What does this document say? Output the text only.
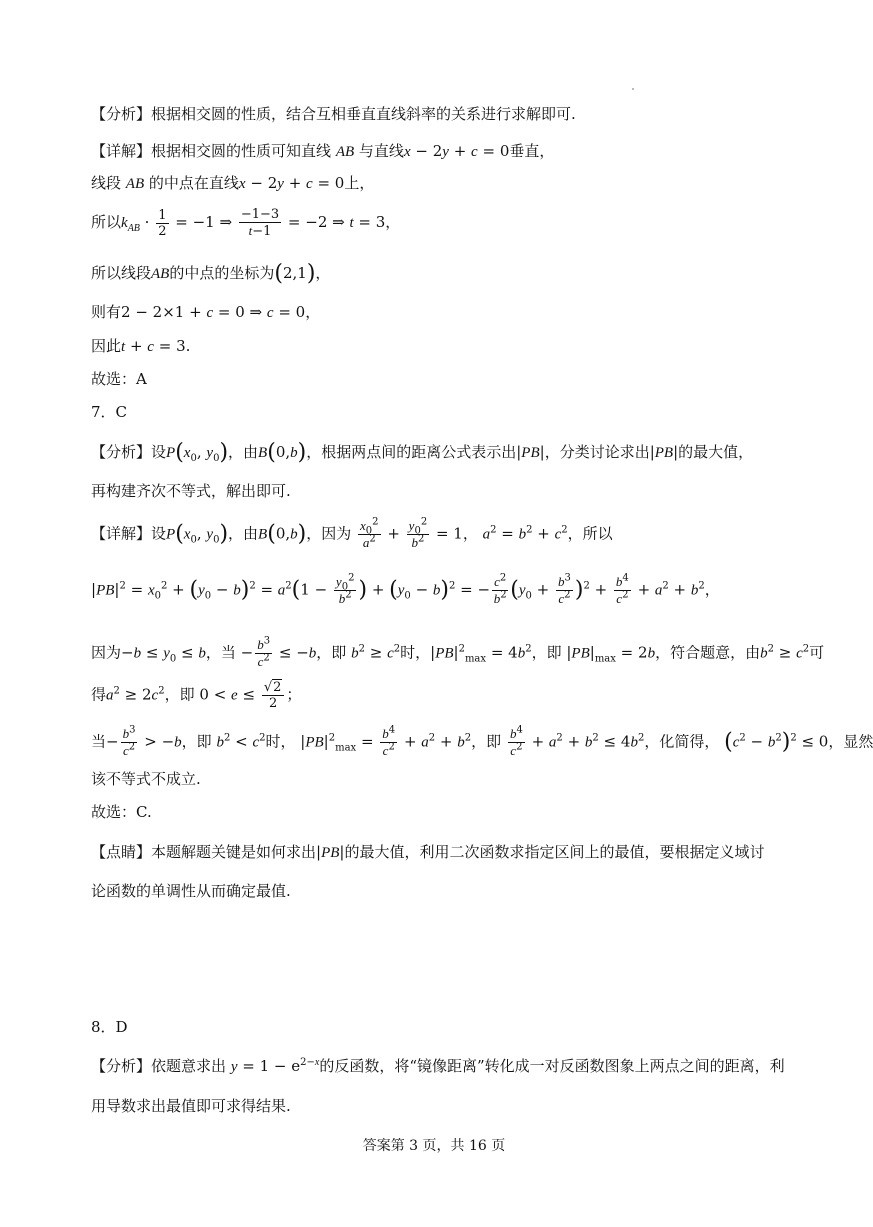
【分析】根据相交圆的性质，结合互相垂直直线斜率的关系进行求解即可.
【详解】根据相交圆的性质可知直线 AB 与直线x − 2y + c = 0垂直，
线段 AB 的中点在直线x − 2y + c = 0上，
所以$k_{AB} \cdot \frac{1}{2} = -1$ ⇒ $\frac{-1-3}{t-1} = -2$ ⇒ t = 3，
所以线段AB的中点的坐标为(2,1)，
则有2 − 2×1 + c = 0 ⇒ c = 0，
因此t + c = 3.
故选：A
7．C
【分析】设$P(x_0$, $y_0$)，由B(0,b)，根据两点间的距离公式表示出|PB|，分类讨论求出|PB|的最大值，
再构建齐次不等式，解出即可.
【详解】设$P(x_0$, $y_0$)，由B(0,b)，因为 $\frac{x_0^2}{a^2} + \frac{y_0^2}{b^2} = 1$， $a^2 = b^2 + c^2$，所以
$|PB|^2 = x_0^2 + (y_0 - b)^2 = a^2(1 - \frac{y_0^2}{b^2}$ ) + $(y_0 - b)^2$ = − $\frac{c^2}{b^2} (y_0 + \frac{b^3}{c^2} )^2 + \frac{b^4}{c^2} + a^2 + b^2$，
因为$-b \le y_0 \le b$，当 − $\frac{b^3}{c^2} \le -b$，即 $b^2 \ge c^2$时，$|PB|^2_{max} = 4b^2$，即 $|PB|_{max} = 2b$，符合题意，由$b^2 \ge c^2$可
得$a^2 \ge 2c^2$，即 $0 < e \le \frac{√2}{2}$ ；
当− $\frac{b^3}{c^2} > -b$，即 $b^2 < c^2$时， $|PB|^2_{max} = \frac{b^4}{c^2} + a^2 + b^2$，即 $\frac{b^4}{c^2} + a^2 + b^2 \le 4b^2$，化简得， $(c^2 - b^2)^2 \le 0$，显然
该不等式不成立.
故选：C.
【点睛】本题解题关键是如何求出|PB|的最大值，利用二次函数求指定区间上的最值，要根据定义域讨
论函数的单调性从而确定最值.
8．D
【分析】依题意求出 $y = 1 - e^{2-x}$的反函数，将“镜像距离”转化成一对反函数图象上两点之间的距离，利
用导数求出最值即可求得结果.
答案第 3 页，共 16 页
